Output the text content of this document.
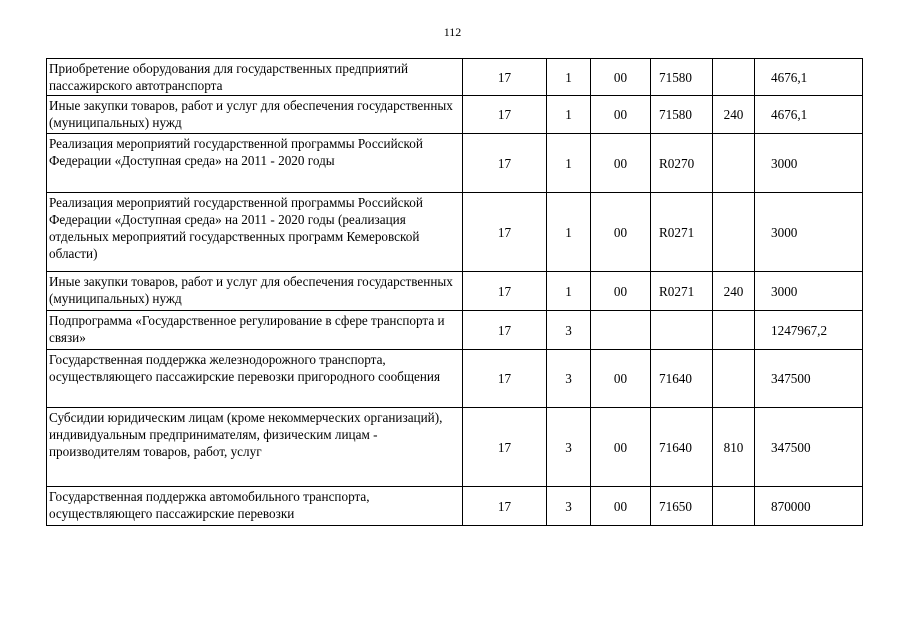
112
Приобретение оборудования для государственных предприятий пассажирского автотранспорта	17	1	00	71580		4676,1
Иные закупки товаров, работ и услуг для обеспечения государственных (муниципальных) нужд	17	1	00	71580	240	4676,1
Реализация мероприятий государственной программы Российской Федерации «Доступная среда» на 2011 - 2020 годы	17	1	00	R0270		3000
Реализация мероприятий государственной программы Российской Федерации «Доступная среда» на 2011 - 2020 годы (реализация отдельных мероприятий государственных программ Кемеровской области)	17	1	00	R0271		3000
Иные закупки товаров, работ и услуг для обеспечения государственных (муниципальных) нужд	17	1	00	R0271	240	3000
Подпрограмма «Государственное регулирование в сфере транспорта и связи»	17	3				1247967,2
Государственная поддержка железнодорожного транспорта, осуществляющего пассажирские перевозки пригородного сообщения	17	3	00	71640		347500
Субсидии юридическим лицам (кроме некоммерческих организаций), индивидуальным предпринимателям, физическим лицам - производителям товаров, работ, услуг	17	3	00	71640	810	347500
Государственная поддержка автомобильного транспорта, осуществляющего пассажирские перевозки	17	3	00	71650		870000
